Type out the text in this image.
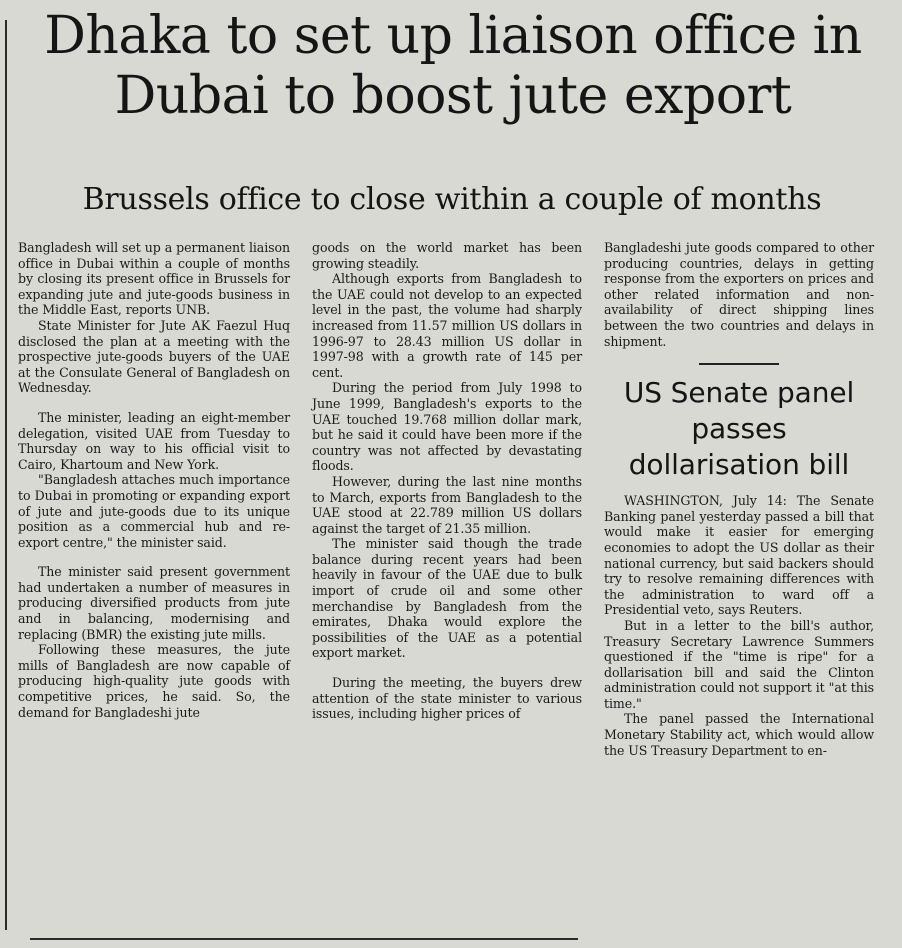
Dhaka to set up liaison office in Dubai to boost jute export
Brussels office to close within a couple of months

Bangladesh will set up a permanent liaison office in Dubai within a couple of months by closing its present office in Brussels for expanding jute and jute-goods business in the Middle East, reports UNB.

State Minister for Jute AK Faezul Huq disclosed the plan at a meeting with the prospective jute-goods buyers of the UAE at the Consulate General of Bangladesh on Wednesday.

The minister, leading an eight-member delegation, visited UAE from Tuesday to Thursday on way to his official visit to Cairo, Khartoum and New York.

"Bangladesh attaches much importance to Dubai in promoting or expanding export of jute and jute-goods due to its unique position as a commercial hub and re-export centre," the minister said.

The minister said present government had undertaken a number of measures in producing diversified products from jute and in balancing, modernising and replacing (BMR) the existing jute mills.

Following these measures, the jute mills of Bangladesh are now capable of producing high-quality jute goods with competitive prices, he said. So, the demand for Bangladeshi jute

goods on the world market has been growing steadily.

Although exports from Bangladesh to the UAE could not develop to an expected level in the past, the volume had sharply increased from 11.57 million US dollars in 1996-97 to 28.43 million US dollar in 1997-98 with a growth rate of 145 per cent.

During the period from July 1998 to June 1999, Bangladesh's exports to the UAE touched 19.768 million dollar mark, but he said it could have been more if the country was not affected by devastating floods.

However, during the last nine months to March, exports from Bangladesh to the UAE stood at 22.789 million US dollars against the target of 21.35 million.

The minister said though the trade balance during recent years had been heavily in favour of the UAE due to bulk import of crude oil and some other merchandise by Bangladesh from the emirates, Dhaka would explore the possibilities of the UAE as a potential export market.

During the meeting, the buyers drew attention of the state minister to various issues, including higher prices of

Bangladeshi jute goods compared to other producing countries, delays in getting response from the exporters on prices and other related information and non-availability of direct shipping lines between the two countries and delays in shipment.

US Senate panel passes dollarisation bill

WASHINGTON, July 14: The Senate Banking panel yesterday passed a bill that would make it easier for emerging economies to adopt the US dollar as their national currency, but said backers should try to resolve remaining differences with the administration to ward off a Presidential veto, says Reuters.

But in a letter to the bill's author, Treasury Secretary Lawrence Summers questioned if the "time is ripe" for a dollarisation bill and said the Clinton administration could not support it "at this time."

The panel passed the International Monetary Stability act, which would allow the US Treasury Department to en-
